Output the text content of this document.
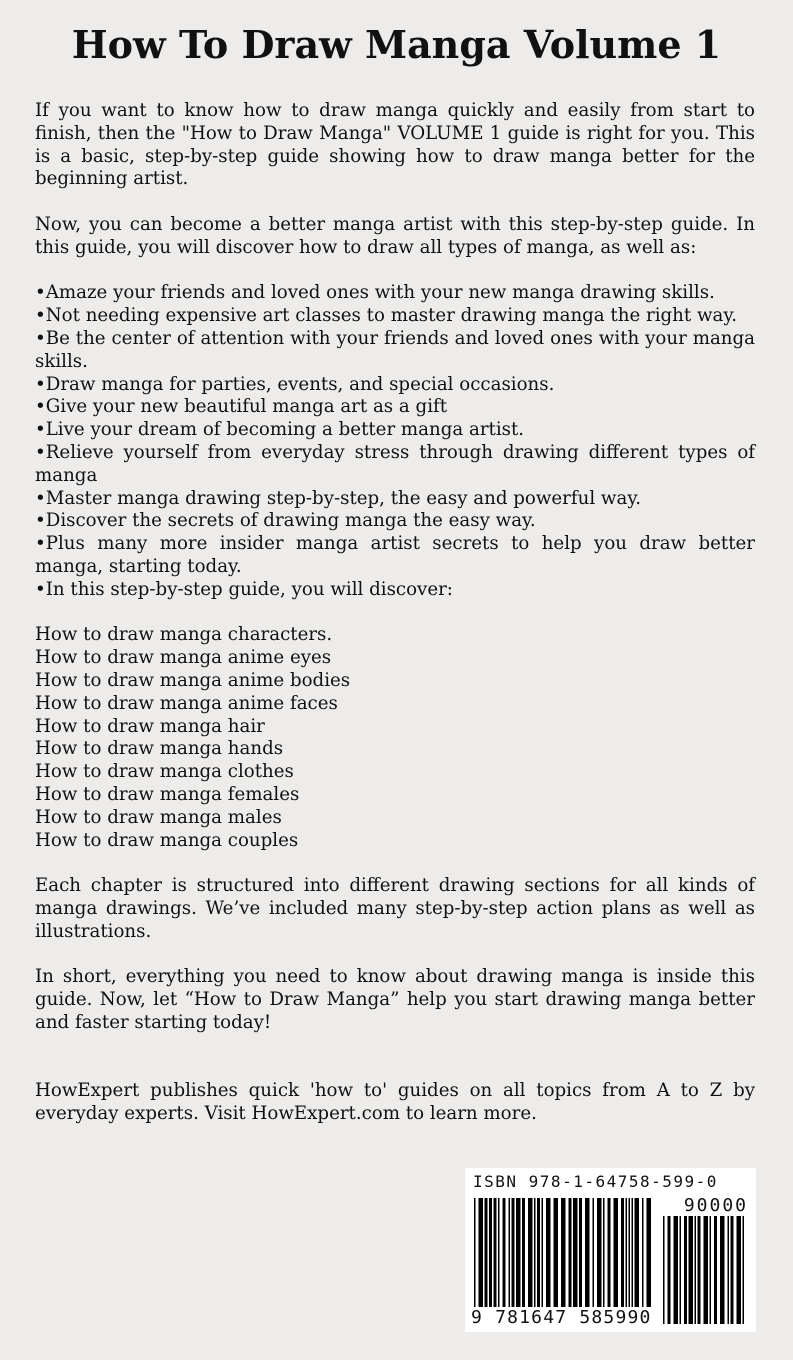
How To Draw Manga Volume 1

If you want to know how to draw manga quickly and easily from start to finish, then the "How to Draw Manga" VOLUME 1 guide is right for you. This is a basic, step-by-step guide showing how to draw manga better for the beginning artist.

Now, you can become a better manga artist with this step-by-step guide. In this guide, you will discover how to draw all types of manga, as well as:

• Amaze your friends and loved ones with your new manga drawing skills.
• Not needing expensive art classes to master drawing manga the right way.
• Be the center of attention with your friends and loved ones with your manga skills.
• Draw manga for parties, events, and special occasions.
• Give your new beautiful manga art as a gift
• Live your dream of becoming a better manga artist.
• Relieve yourself from everyday stress through drawing different types of manga
• Master manga drawing step-by-step, the easy and powerful way.
• Discover the secrets of drawing manga the easy way.
• Plus many more insider manga artist secrets to help you draw better manga, starting today.
• In this step-by-step guide, you will discover:
How to draw manga characters.
How to draw manga anime eyes
How to draw manga anime bodies
How to draw manga anime faces
How to draw manga hair
How to draw manga hands
How to draw manga clothes
How to draw manga females
How to draw manga males
How to draw manga couples

Each chapter is structured into different drawing sections for all kinds of manga drawings. We’ve included many step-by-step action plans as well as illustrations.

In short, everything you need to know about drawing manga is inside this guide. Now, let “How to Draw Manga” help you start drawing manga better and faster starting today!

HowExpert publishes quick 'how to' guides on all topics from A to Z by everyday experts. Visit HowExpert.com to learn more.

ISBN 978-1-64758-599-0
90000
9 781647 585990
